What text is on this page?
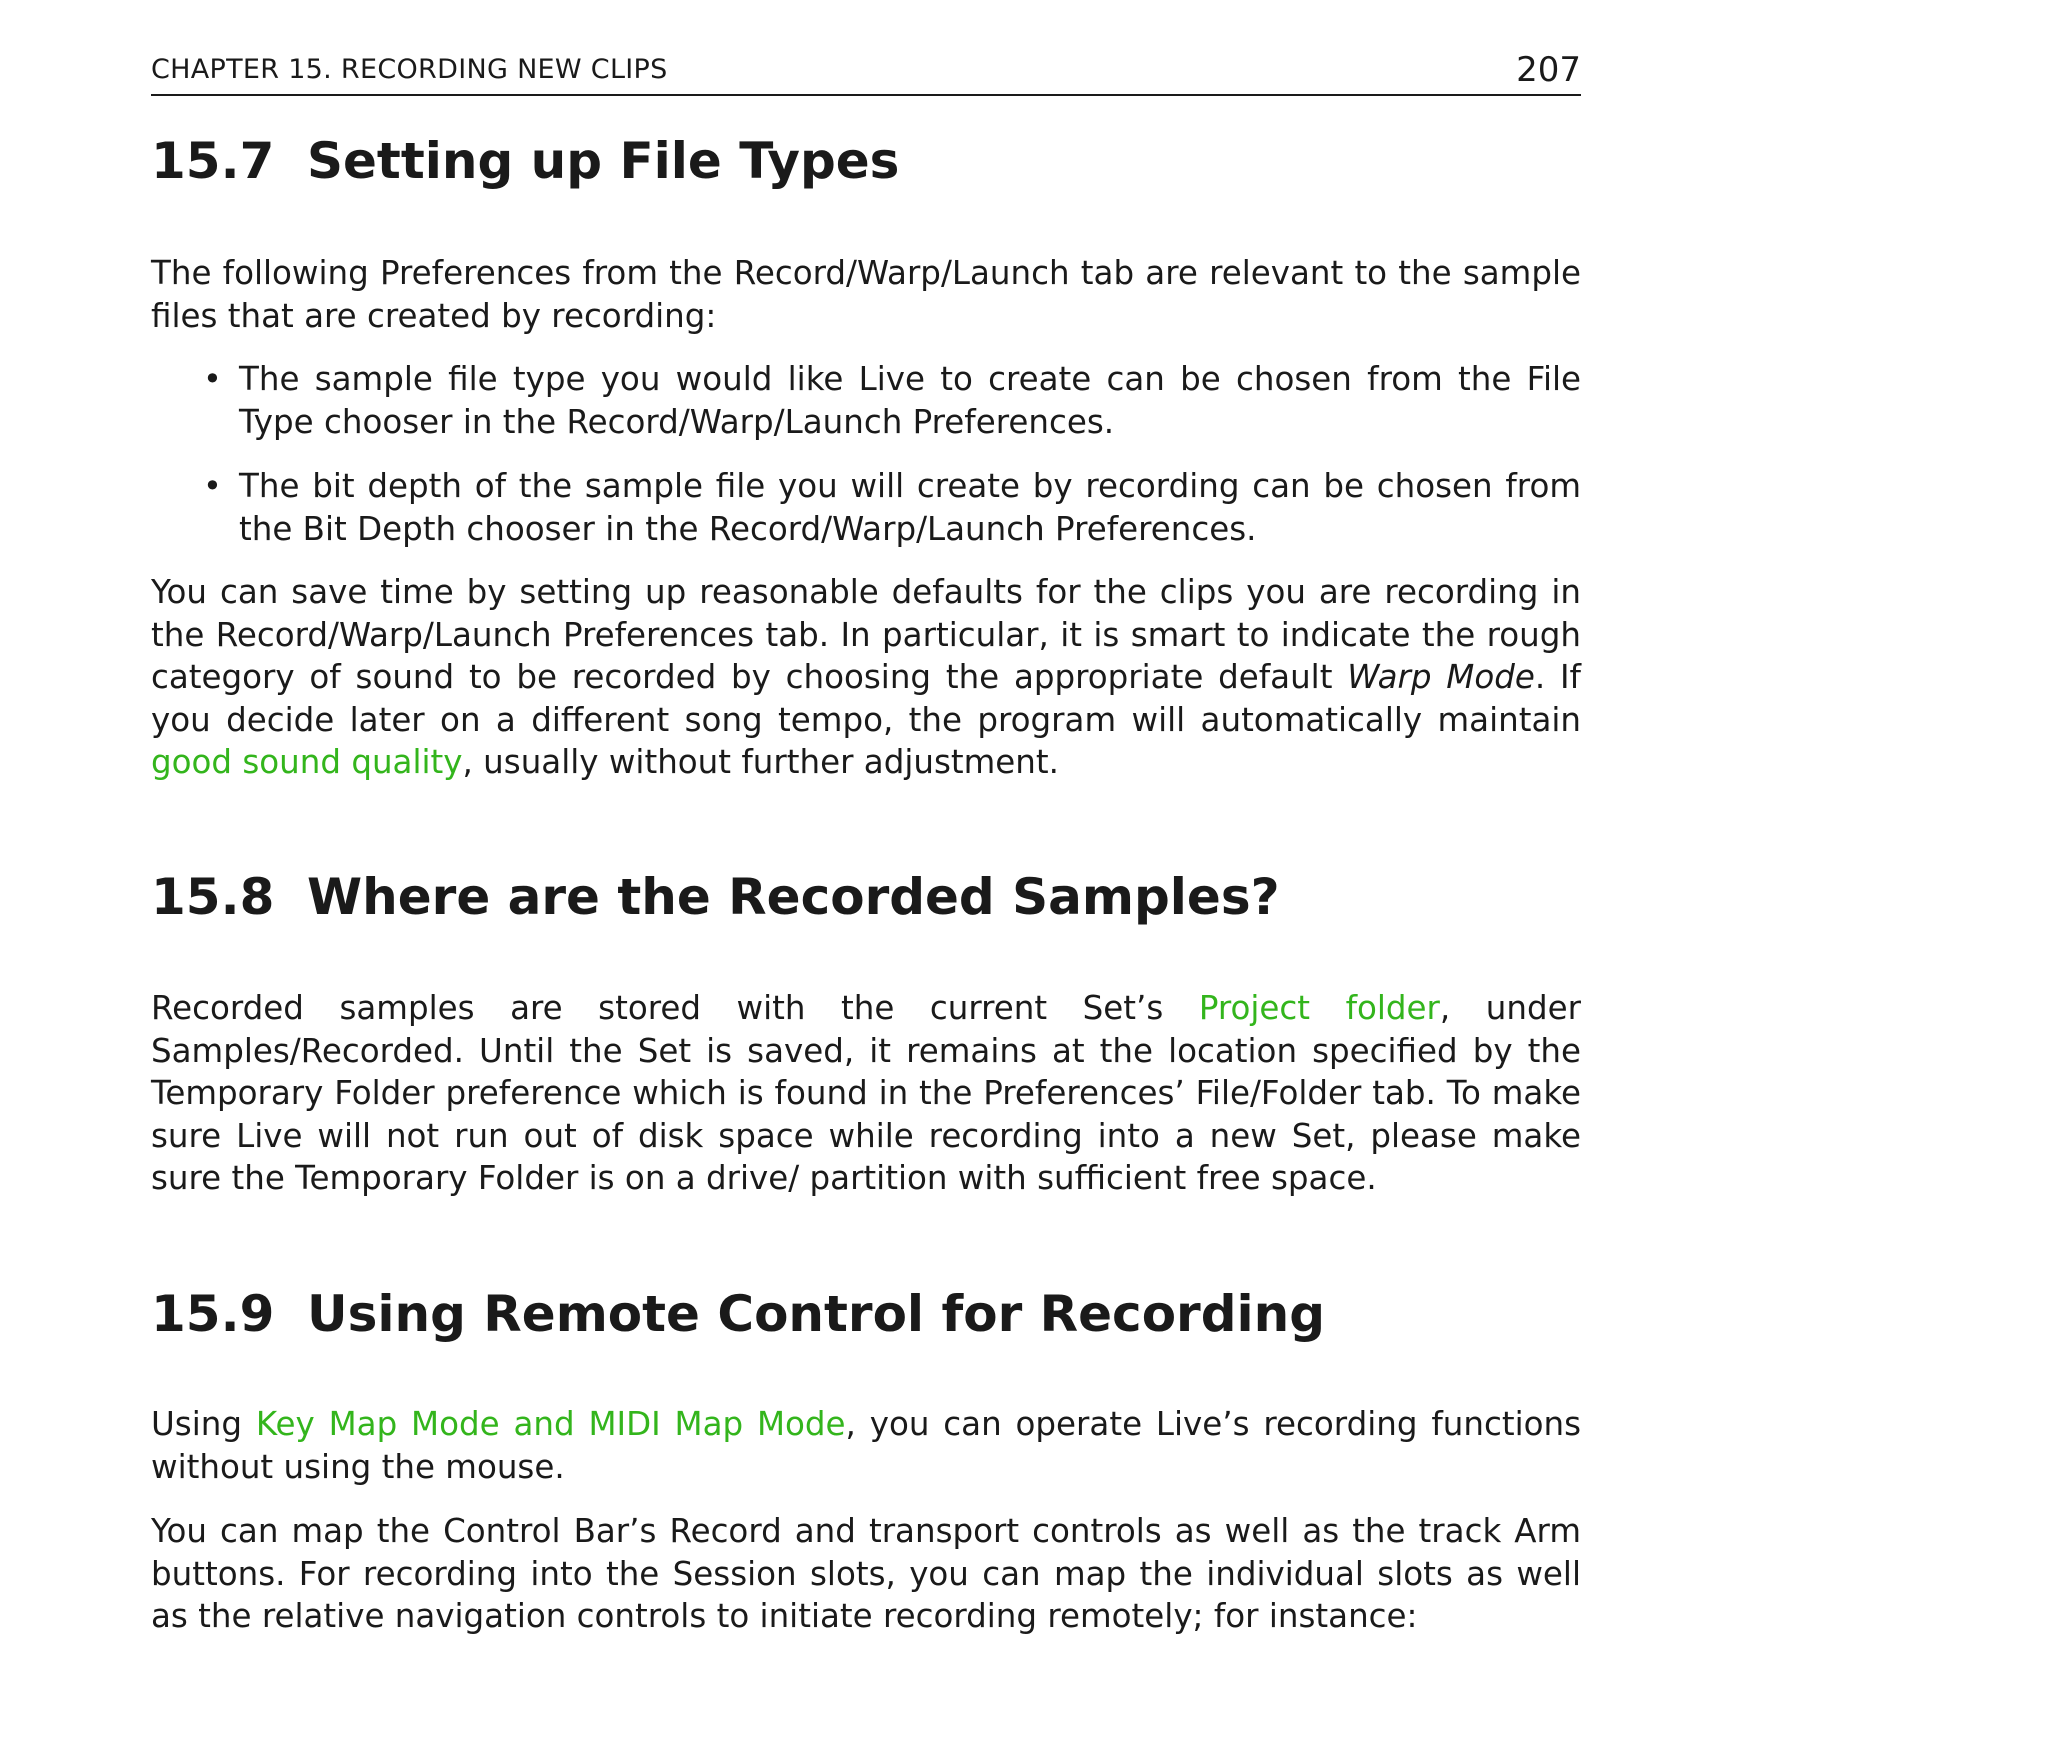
CHAPTER 15. RECORDING NEW CLIPS	207
15.7 Setting up File Types

The following Preferences from the Record/Warp/Launch tab are relevant to the sample files that are created by recording:

• The sample file type you would like Live to create can be chosen from the File Type chooser in the Record/Warp/Launch Preferences.
• The bit depth of the sample file you will create by recording can be chosen from the Bit Depth chooser in the Record/Warp/Launch Preferences.

You can save time by setting up reasonable defaults for the clips you are recording in the Record/Warp/Launch Preferences tab. In particular, it is smart to indicate the rough category of sound to be recorded by choosing the appropriate default Warp Mode. If you decide later on a different song tempo, the program will automatically maintain good sound quality, usually without further adjustment.

15.8 Where are the Recorded Samples?

Recorded samples are stored with the current Set’s Project folder, under Samples/Recorded. Until the Set is saved, it remains at the location specified by the Temporary Folder preference which is found in the Preferences’ File/Folder tab. To make sure Live will not run out of disk space while recording into a new Set, please make sure the Temporary Folder is on a drive/ partition with sufficient free space.

15.9 Using Remote Control for Recording

Using Key Map Mode and MIDI Map Mode, you can operate Live’s recording functions without using the mouse.

You can map the Control Bar’s Record and transport controls as well as the track Arm buttons. For recording into the Session slots, you can map the individual slots as well as the relative navigation controls to initiate recording remotely; for instance:
